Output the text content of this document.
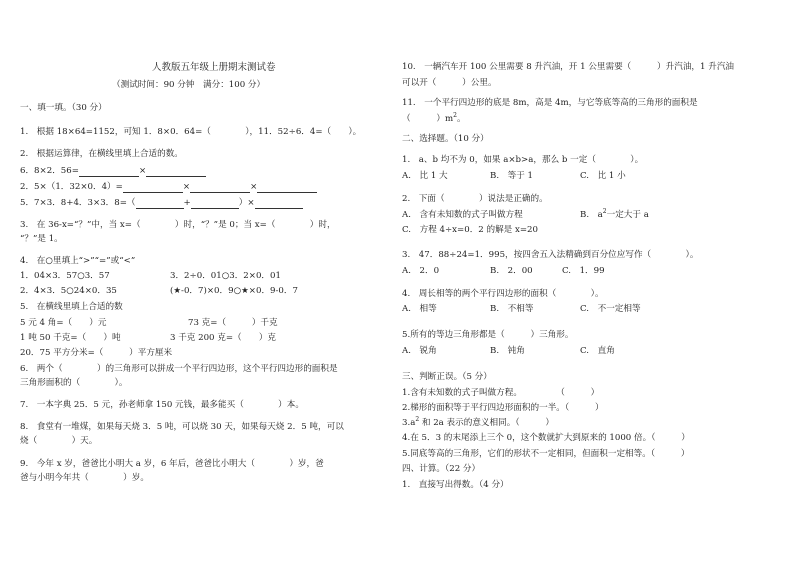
人教版五年级上册期末测试卷
（测试时间：90 分钟　满分：100 分）
一、填一填。（30 分）
1.　根据 18×64=1152，可知 1．8×0．64=（　　　　），11．52÷6．4=（　　）。
2.　根据运算律，在横线里填上合适的数。
6．8×2．56=	×
2．5×（1．32×0．4）=	×	×
5．7×3．8+4．3×3．8=（	+	）×
3.　在 36-x=“？”中，当 x=（　　　　）时，“？”是 0；当 x=（　　　　）时，
“？”是 1。
4.　在○里填上“>”“=”或“<”
1．04×3．57○3．57	3．2÷0．01○3．2×0．01
2．4×3．5○24×0．35	(★-0．7)×0．9○★×0．9-0．7
5.　在横线里填上合适的数
5 元 4 角=（　　）元	73 克=（　　　）千克
1 吨 50 千克=（　　）吨	3 千克 200 克=（　　）克
20．75 平方分米=（　　　）平方厘米
6.　两个（　　　　）的三角形可以拼成一个平行四边形，这个平行四边形的面积是
三角形面积的（　　　　）。
7.　一本字典 25．5 元，孙老师拿 150 元钱，最多能买（　　　　）本。
8.　食堂有一堆煤，如果每天烧 3．5 吨，可以烧 30 天，如果每天烧 2．5 吨，可以
烧（　　　　）天。
9.　今年 x 岁，爸爸比小明大 a 岁，6 年后，爸爸比小明大（　　　　）岁，爸
爸与小明今年共（　　　　）岁。
10.　一辆汽车开 100 公里需要 8 升汽油，开 1 公里需要（　　　）升汽油，1 升汽油
可以开（　　　）公里。
11.　一个平行四边形的底是 8m，高是 4m，与它等底等高的三角形的面积是
（　　　）$m^2$。
二、选择题。（10 分）
1.　a、b 均不为 0，如果 a×b>a，那么 b 一定（　　　　）。
A.　比 1 大	B.　等于 1	C.　比 1 小
2.　下面（　　　　）说法是正确的。
A.　含有未知数的式子叫做方程	B.　$a^2$一定大于 a
C.　方程 4÷x=0．2 的解是 x=20
3.　47．88÷24=1．995，按四舍五入法精确到百分位应写作（　　　　）。
A.　2．0	B.　2．00	C.　1．99
4.　周长相等的两个平行四边形的面积（　　　　）。
A.　相等	B.　不相等	C.　不一定相等
5.所有的等边三角形都是（　　　）三角形。
A.　锐角	B.　钝角	C.　直角
三、判断正误。（5 分）
1.含有未知数的式子叫做方程。　　　　　（　　　）
2.梯形的面积等于平行四边形面积的一半。（　　　）
$3.a^2$ 和 2a 表示的意义相同。（　　　）
4.在 5．3 的末尾添上三个 0，这个数就扩大到原来的 1000 倍。（　　　）
5.同底等高的三角形，它们的形状不一定相同，但面积一定相等。（　　　）
四、计算。（22 分）
1.　直接写出得数。（4 分）
